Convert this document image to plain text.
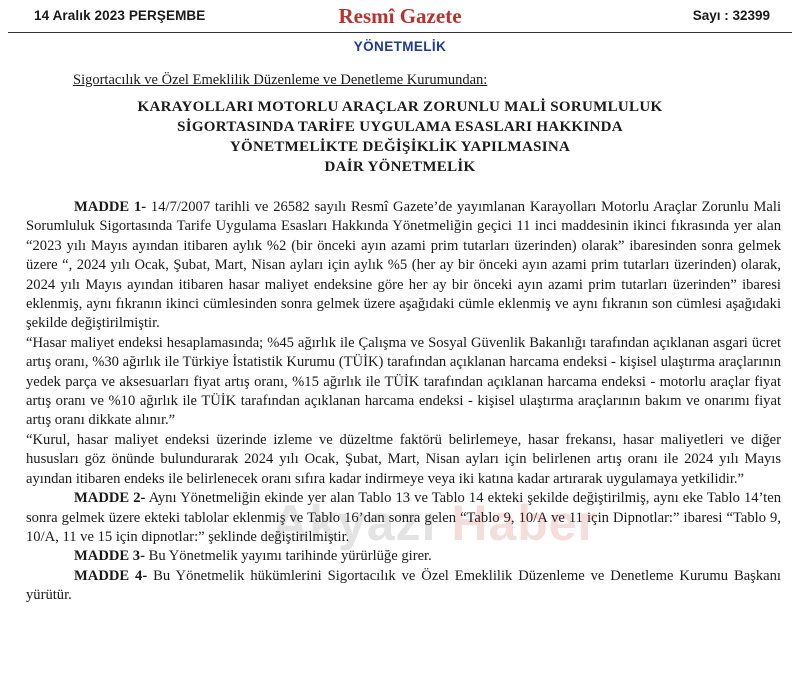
14 Aralık 2023 PERŞEMBE	Resmî Gazete	Sayı : 32399
YÖNETMELİK
Sigortacılık ve Özel Emeklilik Düzenleme ve Denetleme Kurumundan:
KARAYOLLARI MOTORLU ARAÇLAR ZORUNLU MALİ SORUMLULUK
SİGORTASINDA TARİFE UYGULAMA ESASLARI HAKKINDA
YÖNETMELİKTE DEĞİŞİKLİK YAPILMASINA
DAİR YÖNETMELİK

MADDE 1- 14/7/2007 tarihli ve 26582 sayılı Resmî Gazete’de yayımlanan Karayolları Motorlu Araçlar Zorunlu Mali Sorumluluk Sigortasında Tarife Uygulama Esasları Hakkında Yönetmeliğin geçici 11 inci maddesinin ikinci fıkrasında yer alan “2023 yılı Mayıs ayından itibaren aylık %2 (bir önceki ayın azami prim tutarları üzerinden) olarak” ibaresinden sonra gelmek üzere “, 2024 yılı Ocak, Şubat, Mart, Nisan ayları için aylık %5 (her ay bir önceki ayın azami prim tutarları üzerinden) olarak, 2024 yılı Mayıs ayından itibaren hasar maliyet endeksine göre her ay bir önceki ayın azami prim tutarları üzerinden” ibaresi eklenmiş, aynı fıkranın ikinci cümlesinden sonra gelmek üzere aşağıdaki cümle eklenmiş ve aynı fıkranın son cümlesi aşağıdaki şekilde değiştirilmiştir.

“Hasar maliyet endeksi hesaplamasında; %45 ağırlık ile Çalışma ve Sosyal Güvenlik Bakanlığı tarafından açıklanan asgari ücret artış oranı, %30 ağırlık ile Türkiye İstatistik Kurumu (TÜİK) tarafından açıklanan harcama endeksi - kişisel ulaştırma araçlarının yedek parça ve aksesuarları fiyat artış oranı, %15 ağırlık ile TÜİK tarafından açıklanan harcama endeksi - motorlu araçlar fiyat artış oranı ve %10 ağırlık ile TÜİK tarafından açıklanan harcama endeksi - kişisel ulaştırma araçlarının bakım ve onarımı fiyat artış oranı dikkate alınır.”

“Kurul, hasar maliyet endeksi üzerinde izleme ve düzeltme faktörü belirlemeye, hasar frekansı, hasar maliyetleri ve diğer hususları göz önünde bulundurarak 2024 yılı Ocak, Şubat, Mart, Nisan ayları için belirlenen artış oranı ile 2024 yılı Mayıs ayından itibaren endeks ile belirlenecek oranı sıfıra kadar indirmeye veya iki katına kadar artırarak uygulamaya yetkilidir.”

MADDE 2- Aynı Yönetmeliğin ekinde yer alan Tablo 13 ve Tablo 14 ekteki şekilde değiştirilmiş, aynı eke Tablo 14’ten sonra gelmek üzere ekteki tablolar eklenmiş ve Tablo 16’dan sonra gelen “Tablo 9, 10/A ve 11 için Dipnotlar:” ibaresi “Tablo 9, 10/A, 11 ve 15 için dipnotlar:” şeklinde değiştirilmiştir.

MADDE 3- Bu Yönetmelik yayımı tarihinde yürürlüğe girer.

MADDE 4- Bu Yönetmelik hükümlerini Sigortacılık ve Özel Emeklilik Düzenleme ve Denetleme Kurumu Başkanı yürütür.

Akyazı Haber
